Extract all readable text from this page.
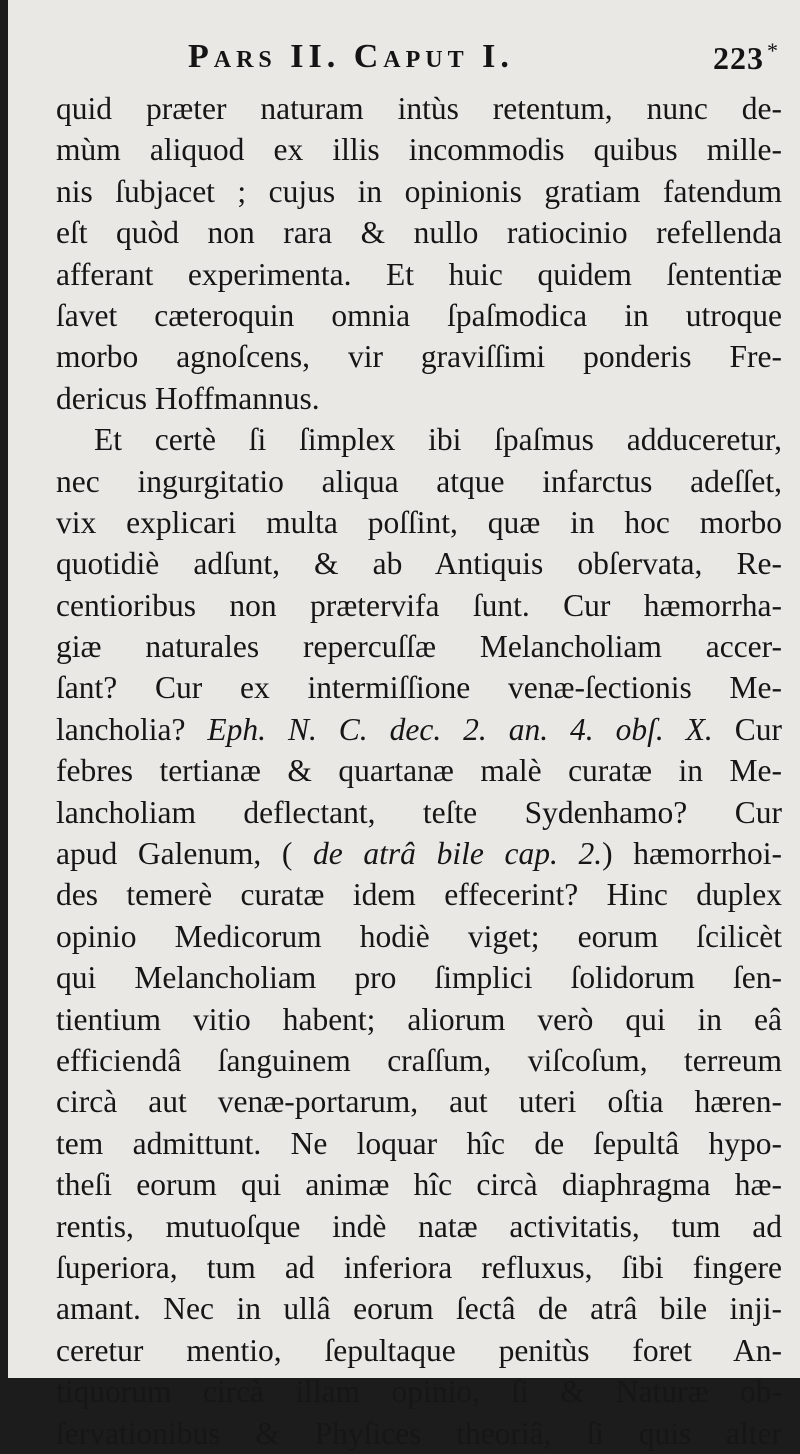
Pars II. Caput I.	223 *
quid præter naturam intùs retentum, nunc de-
mùm aliquod ex illis incommodis quibus mille-
nis ſubjacet ; cujus in opinionis gratiam fatendum
eſt quòd non rara & nullo ratiocinio refellenda
afferant experimenta. Et huic quidem ſententiæ
ſavet cæteroquin omnia ſpaſmodica in utroque
morbo agnoſcens, vir graviſſimi ponderis Fre-
dericus Hoffmannus.
Et certè ſi ſimplex ibi ſpaſmus adduceretur,
nec ingurgitatio aliqua atque infarctus adeſſet,
vix explicari multa poſſint, quæ in hoc morbo
quotidiè adſunt, & ab Antiquis obſervata, Re-
centioribus non prætervifa ſunt. Cur hæmorrha-
giæ naturales repercuſſæ Melancholiam accer-
ſant? Cur ex intermiſſione venæ-ſectionis Me-
lancholia? Eph. N. C. dec. 2. an. 4. obſ. X. Cur
febres tertianæ & quartanæ malè curatæ in Me-
lancholiam deflectant, teſte Sydenhamo? Cur
apud Galenum, ( de atrâ bile cap. 2.) hæmorrhoi-
des temerè curatæ idem effecerint? Hinc duplex
opinio Medicorum hodiè viget; eorum ſcilicèt
qui Melancholiam pro ſimplici ſolidorum ſen-
tientium vitio habent; aliorum verò qui in eâ
efficiendâ ſanguinem craſſum, viſcoſum, terreum
circà aut venæ-portarum, aut uteri oſtia hæren-
tem admittunt. Ne loquar hîc de ſepultâ hypo-
theſi eorum qui animæ hîc circà diaphragma hæ-
rentis, mutuoſque indè natæ activitatis, tum ad
ſuperiora, tum ad inferiora refluxus, ſibi fingere
amant. Nec in ullâ eorum ſectâ de atrâ bile inji-
ceretur mentio, ſepultaque penitùs foret An-
tiquorum circà illam opinio, ſi & Naturæ ob-
ſervationibus & Phyſices theoriâ, ſi quis alter
